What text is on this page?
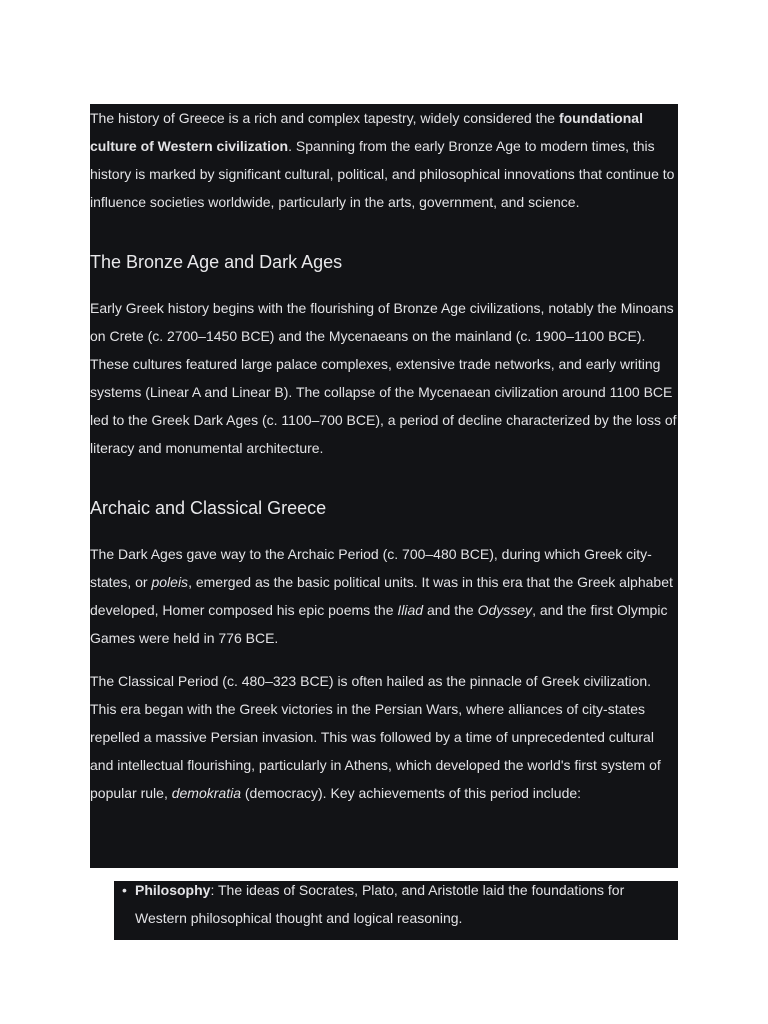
The history of Greece is a rich and complex tapestry, widely considered the foundational culture of Western civilization. Spanning from the early Bronze Age to modern times, this history is marked by significant cultural, political, and philosophical innovations that continue to influence societies worldwide, particularly in the arts, government, and science.

The Bronze Age and Dark Ages

Early Greek history begins with the flourishing of Bronze Age civilizations, notably the Minoans on Crete (c. 2700–1450 BCE) and the Mycenaeans on the mainland (c. 1900–1100 BCE). These cultures featured large palace complexes, extensive trade networks, and early writing systems (Linear A and Linear B). The collapse of the Mycenaean civilization around 1100 BCE led to the Greek Dark Ages (c. 1100–700 BCE), a period of decline characterized by the loss of literacy and monumental architecture.

Archaic and Classical Greece

The Dark Ages gave way to the Archaic Period (c. 700–480 BCE), during which Greek city-states, or poleis, emerged as the basic political units. It was in this era that the Greek alphabet developed, Homer composed his epic poems the Iliad and the Odyssey, and the first Olympic Games were held in 776 BCE.

The Classical Period (c. 480–323 BCE) is often hailed as the pinnacle of Greek civilization. This era began with the Greek victories in the Persian Wars, where alliances of city-states repelled a massive Persian invasion. This was followed by a time of unprecedented cultural and intellectual flourishing, particularly in Athens, which developed the world's first system of popular rule, demokratia (democracy). Key achievements of this period include:

• Philosophy: The ideas of Socrates, Plato, and Aristotle laid the foundations for Western philosophical thought and logical reasoning.
